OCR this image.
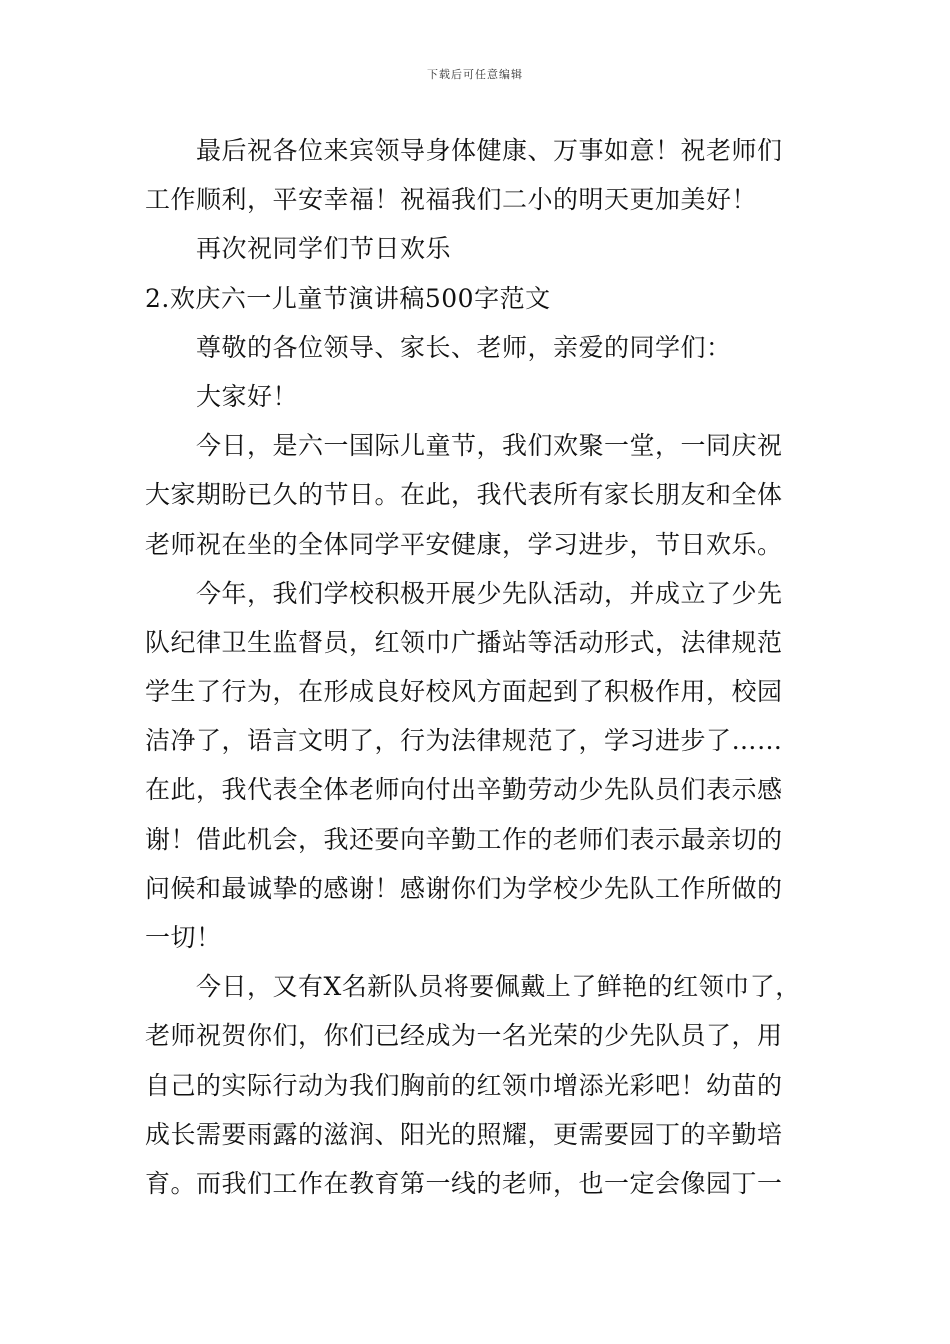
下载后可任意编辑
最后祝各位来宾领导身体健康、万事如意！祝老师们
工作顺利，平安幸福！祝福我们二小的明天更加美好！
再次祝同学们节日欢乐
2.欢庆六一儿童节演讲稿500字范文
尊敬的各位领导、家长、老师，亲爱的同学们：
大家好！
今日，是六一国际儿童节，我们欢聚一堂，一同庆祝
大家期盼已久的节日。在此，我代表所有家长朋友和全体
老师祝在坐的全体同学平安健康，学习进步，节日欢乐。
今年，我们学校积极开展少先队活动，并成立了少先
队纪律卫生监督员，红领巾广播站等活动形式，法律规范
学生了行为，在形成良好校风方面起到了积极作用，校园
洁净了，语言文明了，行为法律规范了，学习进步了……
在此，我代表全体老师向付出辛勤劳动少先队员们表示感
谢！借此机会，我还要向辛勤工作的老师们表示最亲切的
问候和最诚挚的感谢！感谢你们为学校少先队工作所做的
一切！
今日，又有X名新队员将要佩戴上了鲜艳的红领巾了，
老师祝贺你们，你们已经成为一名光荣的少先队员了，用
自己的实际行动为我们胸前的红领巾增添光彩吧！幼苗的
成长需要雨露的滋润、阳光的照耀，更需要园丁的辛勤培
育。而我们工作在教育第一线的老师，也一定会像园丁一
